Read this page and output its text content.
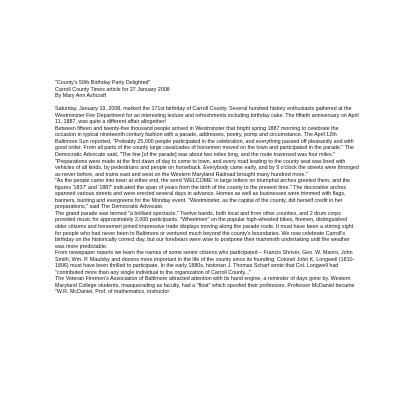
"County's 50th Birthday Party Delighted"

Carroll County Times article for 27 January 2008

By Mary Ann Ashcraft

Saturday, January 19, 2008, marked the 171st birthday of Carroll County. Several hundred history enthusiasts gathered at the Westminster Fire Department for an interesting lecture and refreshments including birthday cake. The fiftieth anniversary on April 11, 1887, was quite a different affair altogether!

Between fifteen and twenty-five thousand people arrived in Westminster that bright spring 1887 morning to celebrate the occasion in typical nineteenth century fashion with a parade, addresses, poetry, pomp and circumstance. The April 12th Baltimore Sun reported, "Probably 25,000 people participated in the celebration, and everything passed off pleasantly and with good order. From all parts of the county large cavalcades of horsemen moved on the town and participated in the parade." The Democratic Advocate said, "The line [of the parade] was about two miles long, and the route traversed was four miles." "Preparations were made at the first dawn of day to come to town, and every road leading to the county seat was lined with vehicles of all kinds, by pedestrians and people on horseback. Everybody came early, and by 9 o'clock the streets were thronged as never before, and trains east and west on the Western Maryland Railroad brought many hundred more."

"As the people came into town at either end, the word 'WELCOME' in large letters on triumphal arches greeted them, and the figures '1837' and '1887' indicated the span of years from the birth of the county to the present time." The decorative arches spanned various streets and were erected several days in advance. Homes as well as businesses were trimmed with flags, banners, bunting and evergreens for the Monday event. "Westminster, as the capital of the county, did herself credit in her preparations," said The Democratic Advocate.

The grand parade was termed "a brilliant spectacle." Twelve bands, both local and from other counties, and 2 drum corps provided music for approximately 2,000 participants. "Wheelmen" on the popular high-wheeled bikes, firemen, distinguished older citizens and horsemen joined impressive trade displays moving along the parade route. It must have been a stirring sight for people who had never been to Baltimore or ventured much beyond the county's boundaries. We now celebrate Carroll's birthday on the historically correct day, but our forebears were wise to postpone their mammoth undertaking until the weather was more predictable.

From newspaper reports we learn the names of some senior citizens who participated – Francis Shriver, Geo. W. Manro, John Smith, Wm. P. Maulsby and dozens more important in the life of the county since its founding. Colonel John K. Longwell (1810-1896) must have been thrilled to participate. In the early 1880s, historian J. Thomas Scharf wrote that Col. Longwell had "contributed more than any single individual to the organization of Carroll County..."

The Veteran Firemen's Association of Baltimore attracted attention with its hand engine, a reminder of days gone by. Western Maryland College students, masquerading as faculty, had a "float" which spoofed their professors. Professor McDaniel became "W.R. McDaniel, Prof. of mathematics, instructor
